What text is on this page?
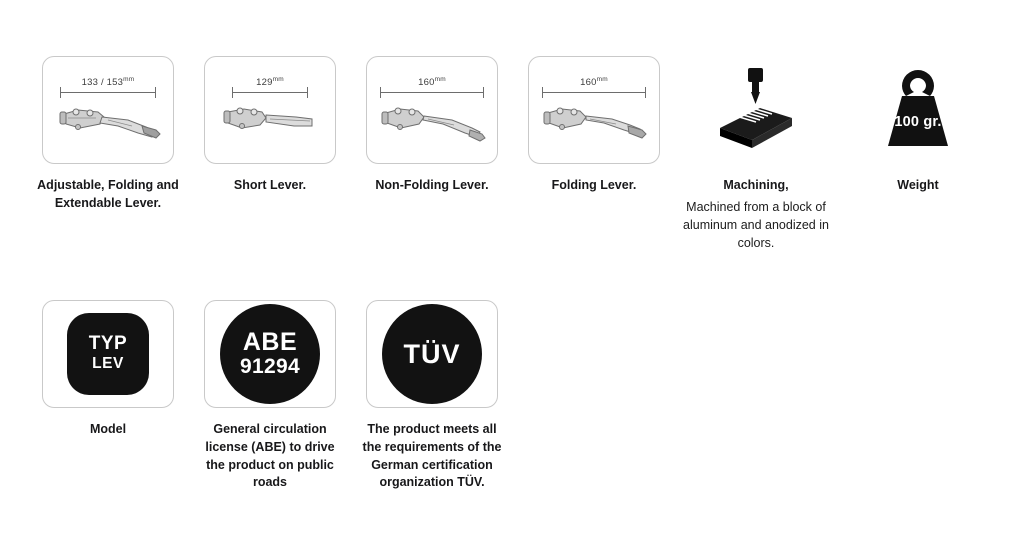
$133 / 153^{mm}$
Adjustable, Folding and Extendable Lever.
$129^{mm}$
Short Lever.
$160^{mm}$
Non-Folding Lever.
$160^{mm}$
Folding Lever.	Machining,
Machined from a block of aluminum and anodized in colors.
100 gr.
Weight
TYP
LEV
Model
ABE
91294
General circulation license (ABE) to drive the product on public roads
TÜV
The product meets all the requirements of the German certification organization TÜV.
